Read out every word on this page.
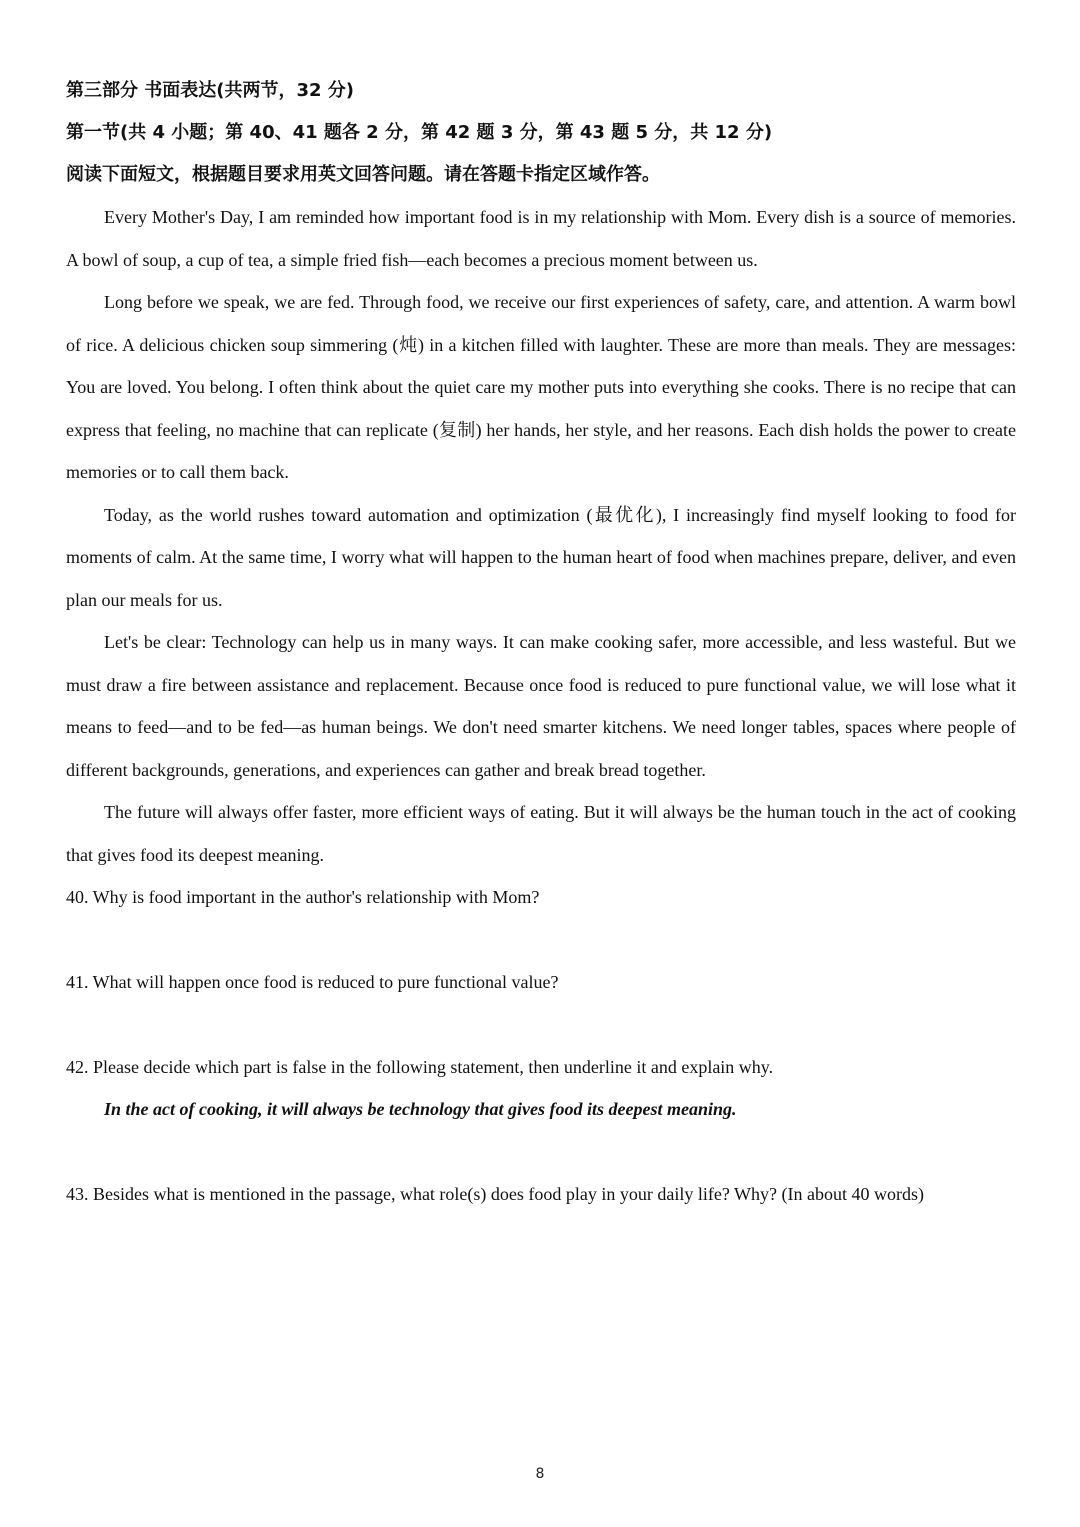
第三部分 书面表达(共两节，32 分)

第一节(共 4 小题；第 40、41 题各 2 分，第 42 题 3 分，第 43 题 5 分，共 12 分)

阅读下面短文，根据题目要求用英文回答问题。请在答题卡指定区域作答。

Every Mother's Day, I am reminded how important food is in my relationship with Mom. Every dish is a source of memories. A bowl of soup, a cup of tea, a simple fried fish—each becomes a precious moment between us.

Long before we speak, we are fed. Through food, we receive our first experiences of safety, care, and attention. A warm bowl of rice. A delicious chicken soup simmering (炖) in a kitchen filled with laughter. These are more than meals. They are messages: You are loved. You belong. I often think about the quiet care my mother puts into everything she cooks. There is no recipe that can express that feeling, no machine that can replicate (复制) her hands, her style, and her reasons. Each dish holds the power to create memories or to call them back.

Today, as the world rushes toward automation and optimization (最优化), I increasingly find myself looking to food for moments of calm. At the same time, I worry what will happen to the human heart of food when machines prepare, deliver, and even plan our meals for us.

Let's be clear: Technology can help us in many ways. It can make cooking safer, more accessible, and less wasteful. But we must draw a fire between assistance and replacement. Because once food is reduced to pure functional value, we will lose what it means to feed—and to be fed—as human beings. We don't need smarter kitchens. We need longer tables, spaces where people of different backgrounds, generations, and experiences can gather and break bread together.

The future will always offer faster, more efficient ways of eating. But it will always be the human touch in the act of cooking that gives food its deepest meaning.

40. Why is food important in the author's relationship with Mom?

41. What will happen once food is reduced to pure functional value?

42. Please decide which part is false in the following statement, then underline it and explain why.

In the act of cooking, it will always be technology that gives food its deepest meaning.

43. Besides what is mentioned in the passage, what role(s) does food play in your daily life? Why? (In about 40 words)

8
